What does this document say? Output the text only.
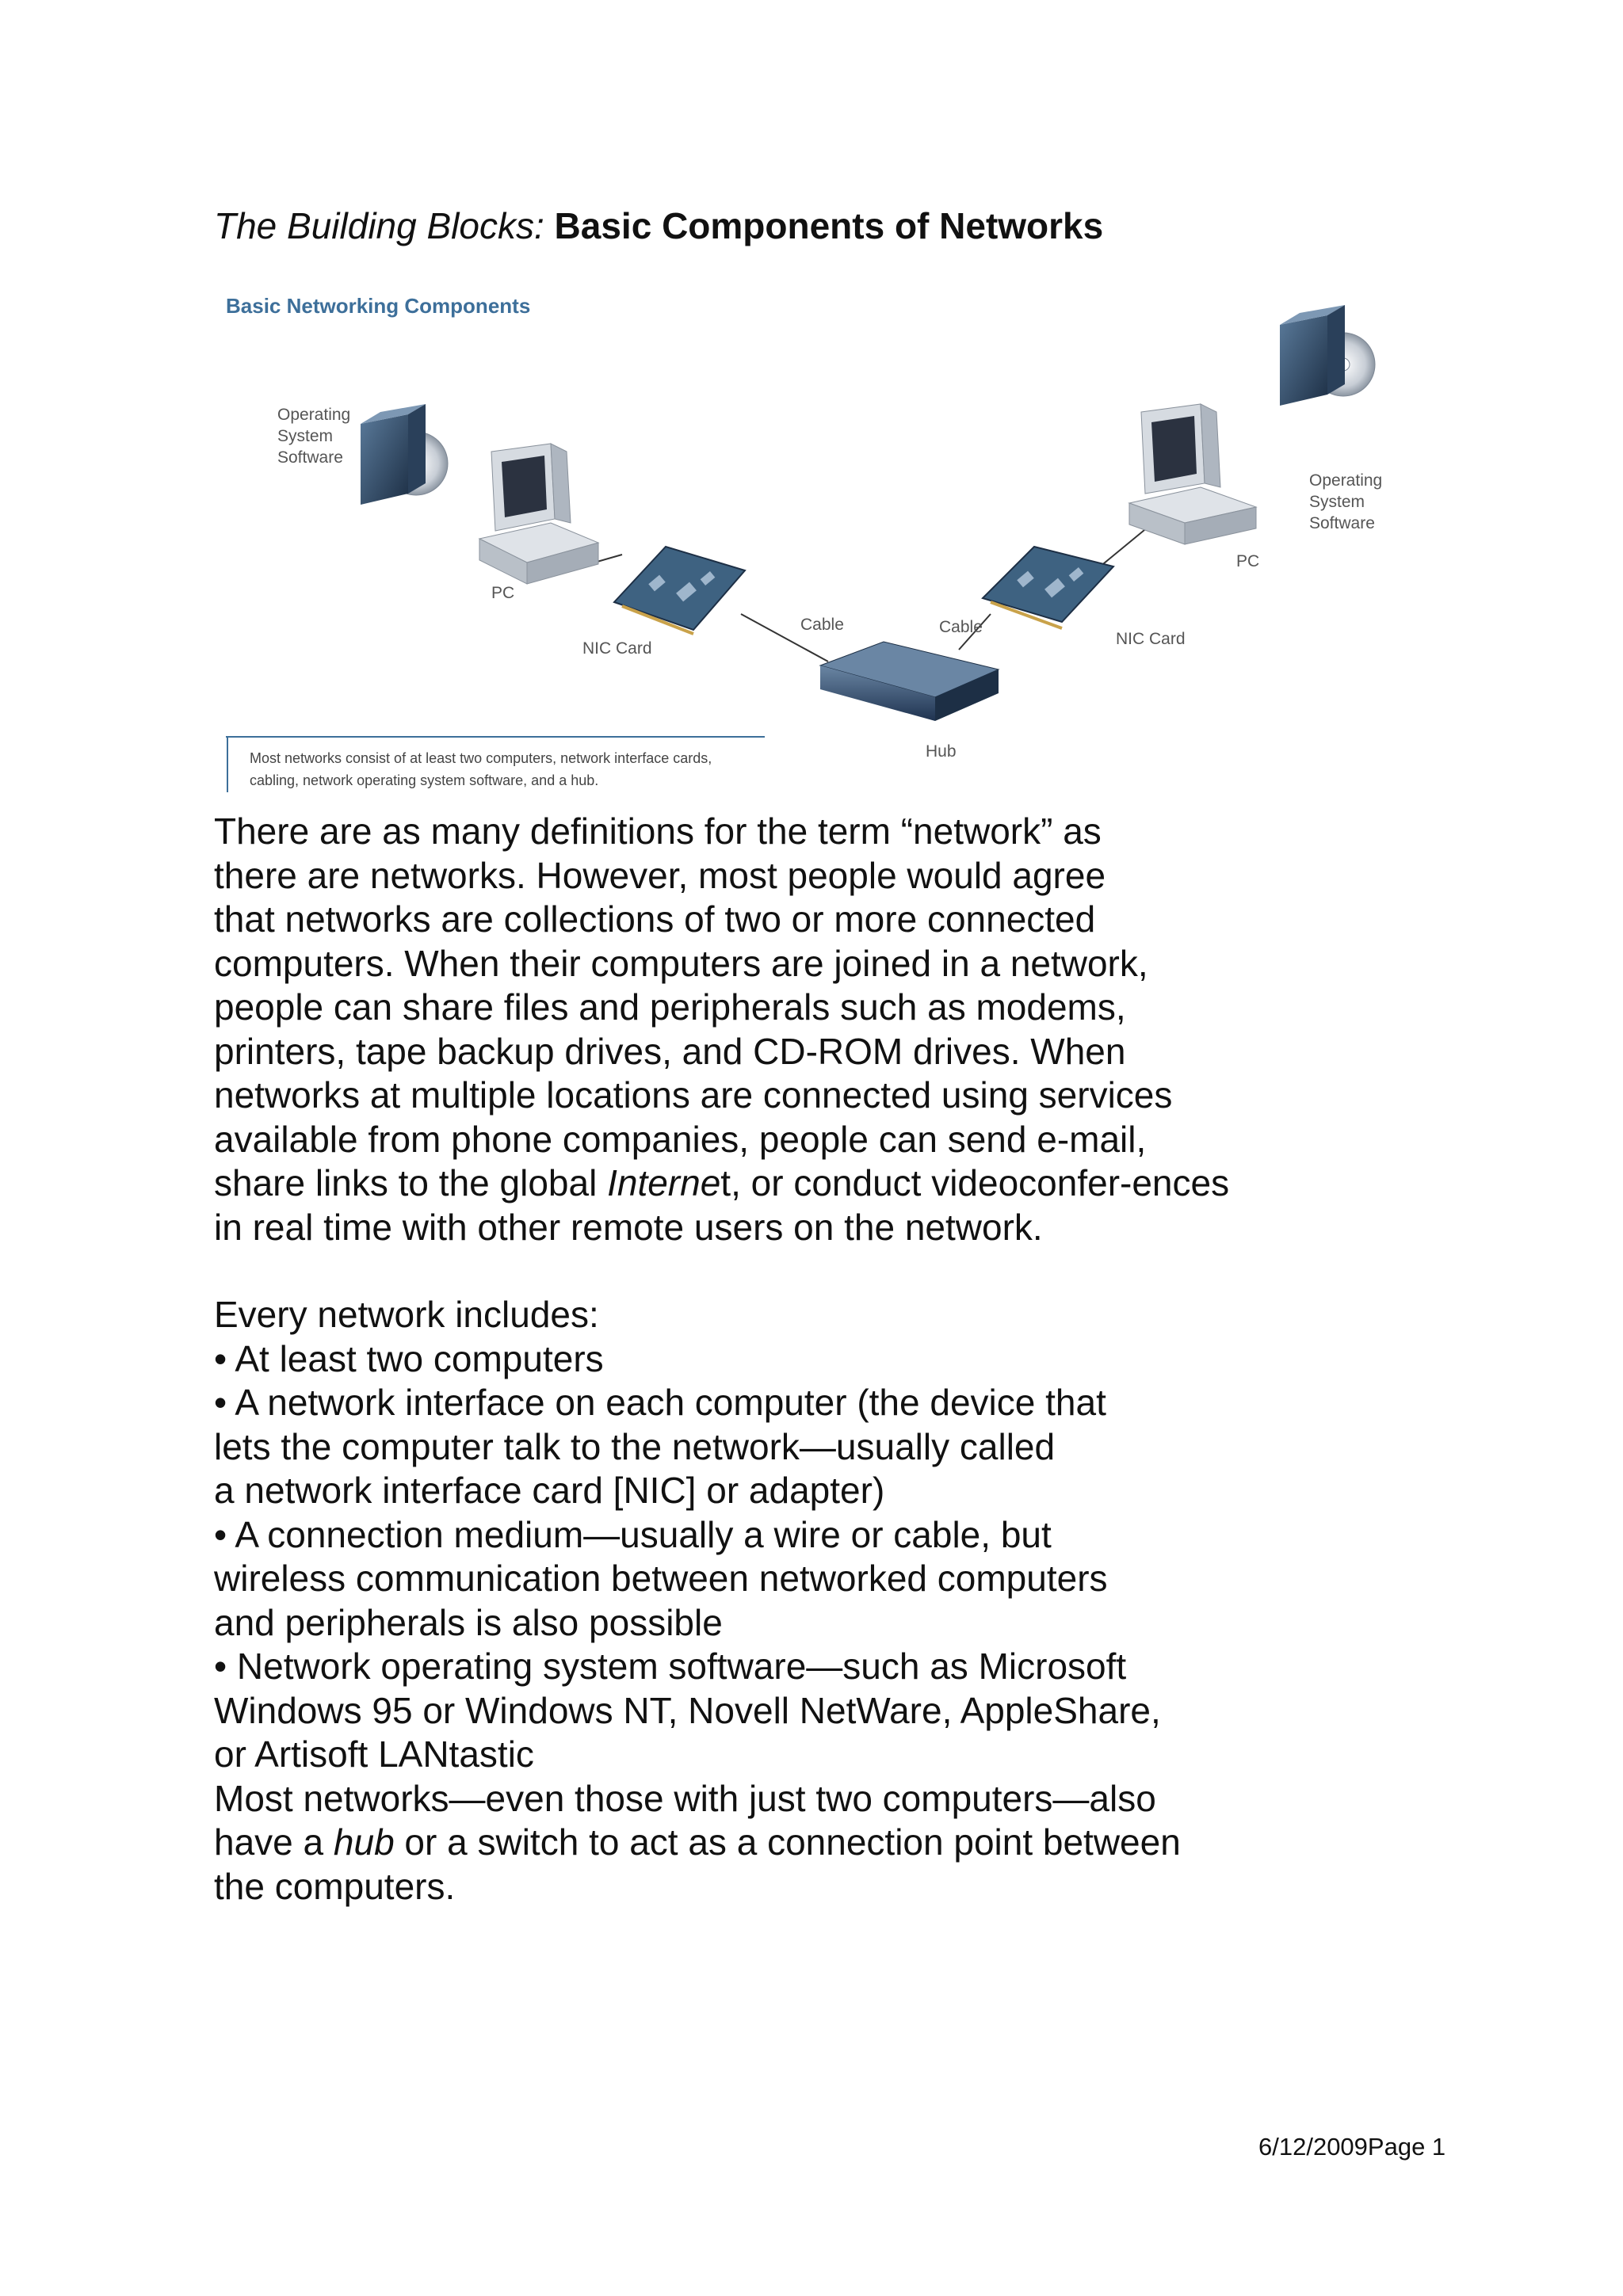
The Building Blocks: Basic Components of Networks
Basic Networking Components
Operating
System
Software
PC
NIC Card
Cable
Hub
Cable
NIC Card
PC
Operating
System
Software
Most networks consist of at least two computers, network interface cards,
cabling, network operating system software, and a hub.

There are as many definitions for the term “network” as
there are networks. However, most people would agree
that networks are collections of two or more connected
computers. When their computers are joined in a network,
people can share files and peripherals such as modems,
printers, tape backup drives, and CD-ROM drives. When
networks at multiple locations are connected using services
available from phone companies, people can send e-mail,
share links to the global Internet, or conduct videoconfer-ences
in real time with other remote users on the network.

Every network includes:
• At least two computers
• A network interface on each computer (the device that
lets the computer talk to the network—usually called
a network interface card [NIC] or adapter)
• A connection medium—usually a wire or cable, but
wireless communication between networked computers
and peripherals is also possible
• Network operating system software—such as Microsoft
Windows 95 or Windows NT, Novell NetWare, AppleShare,
or Artisoft LANtastic
Most networks—even those with just two computers—also
have a hub or a switch to act as a connection point between
the computers.

6/12/2009Page 1
